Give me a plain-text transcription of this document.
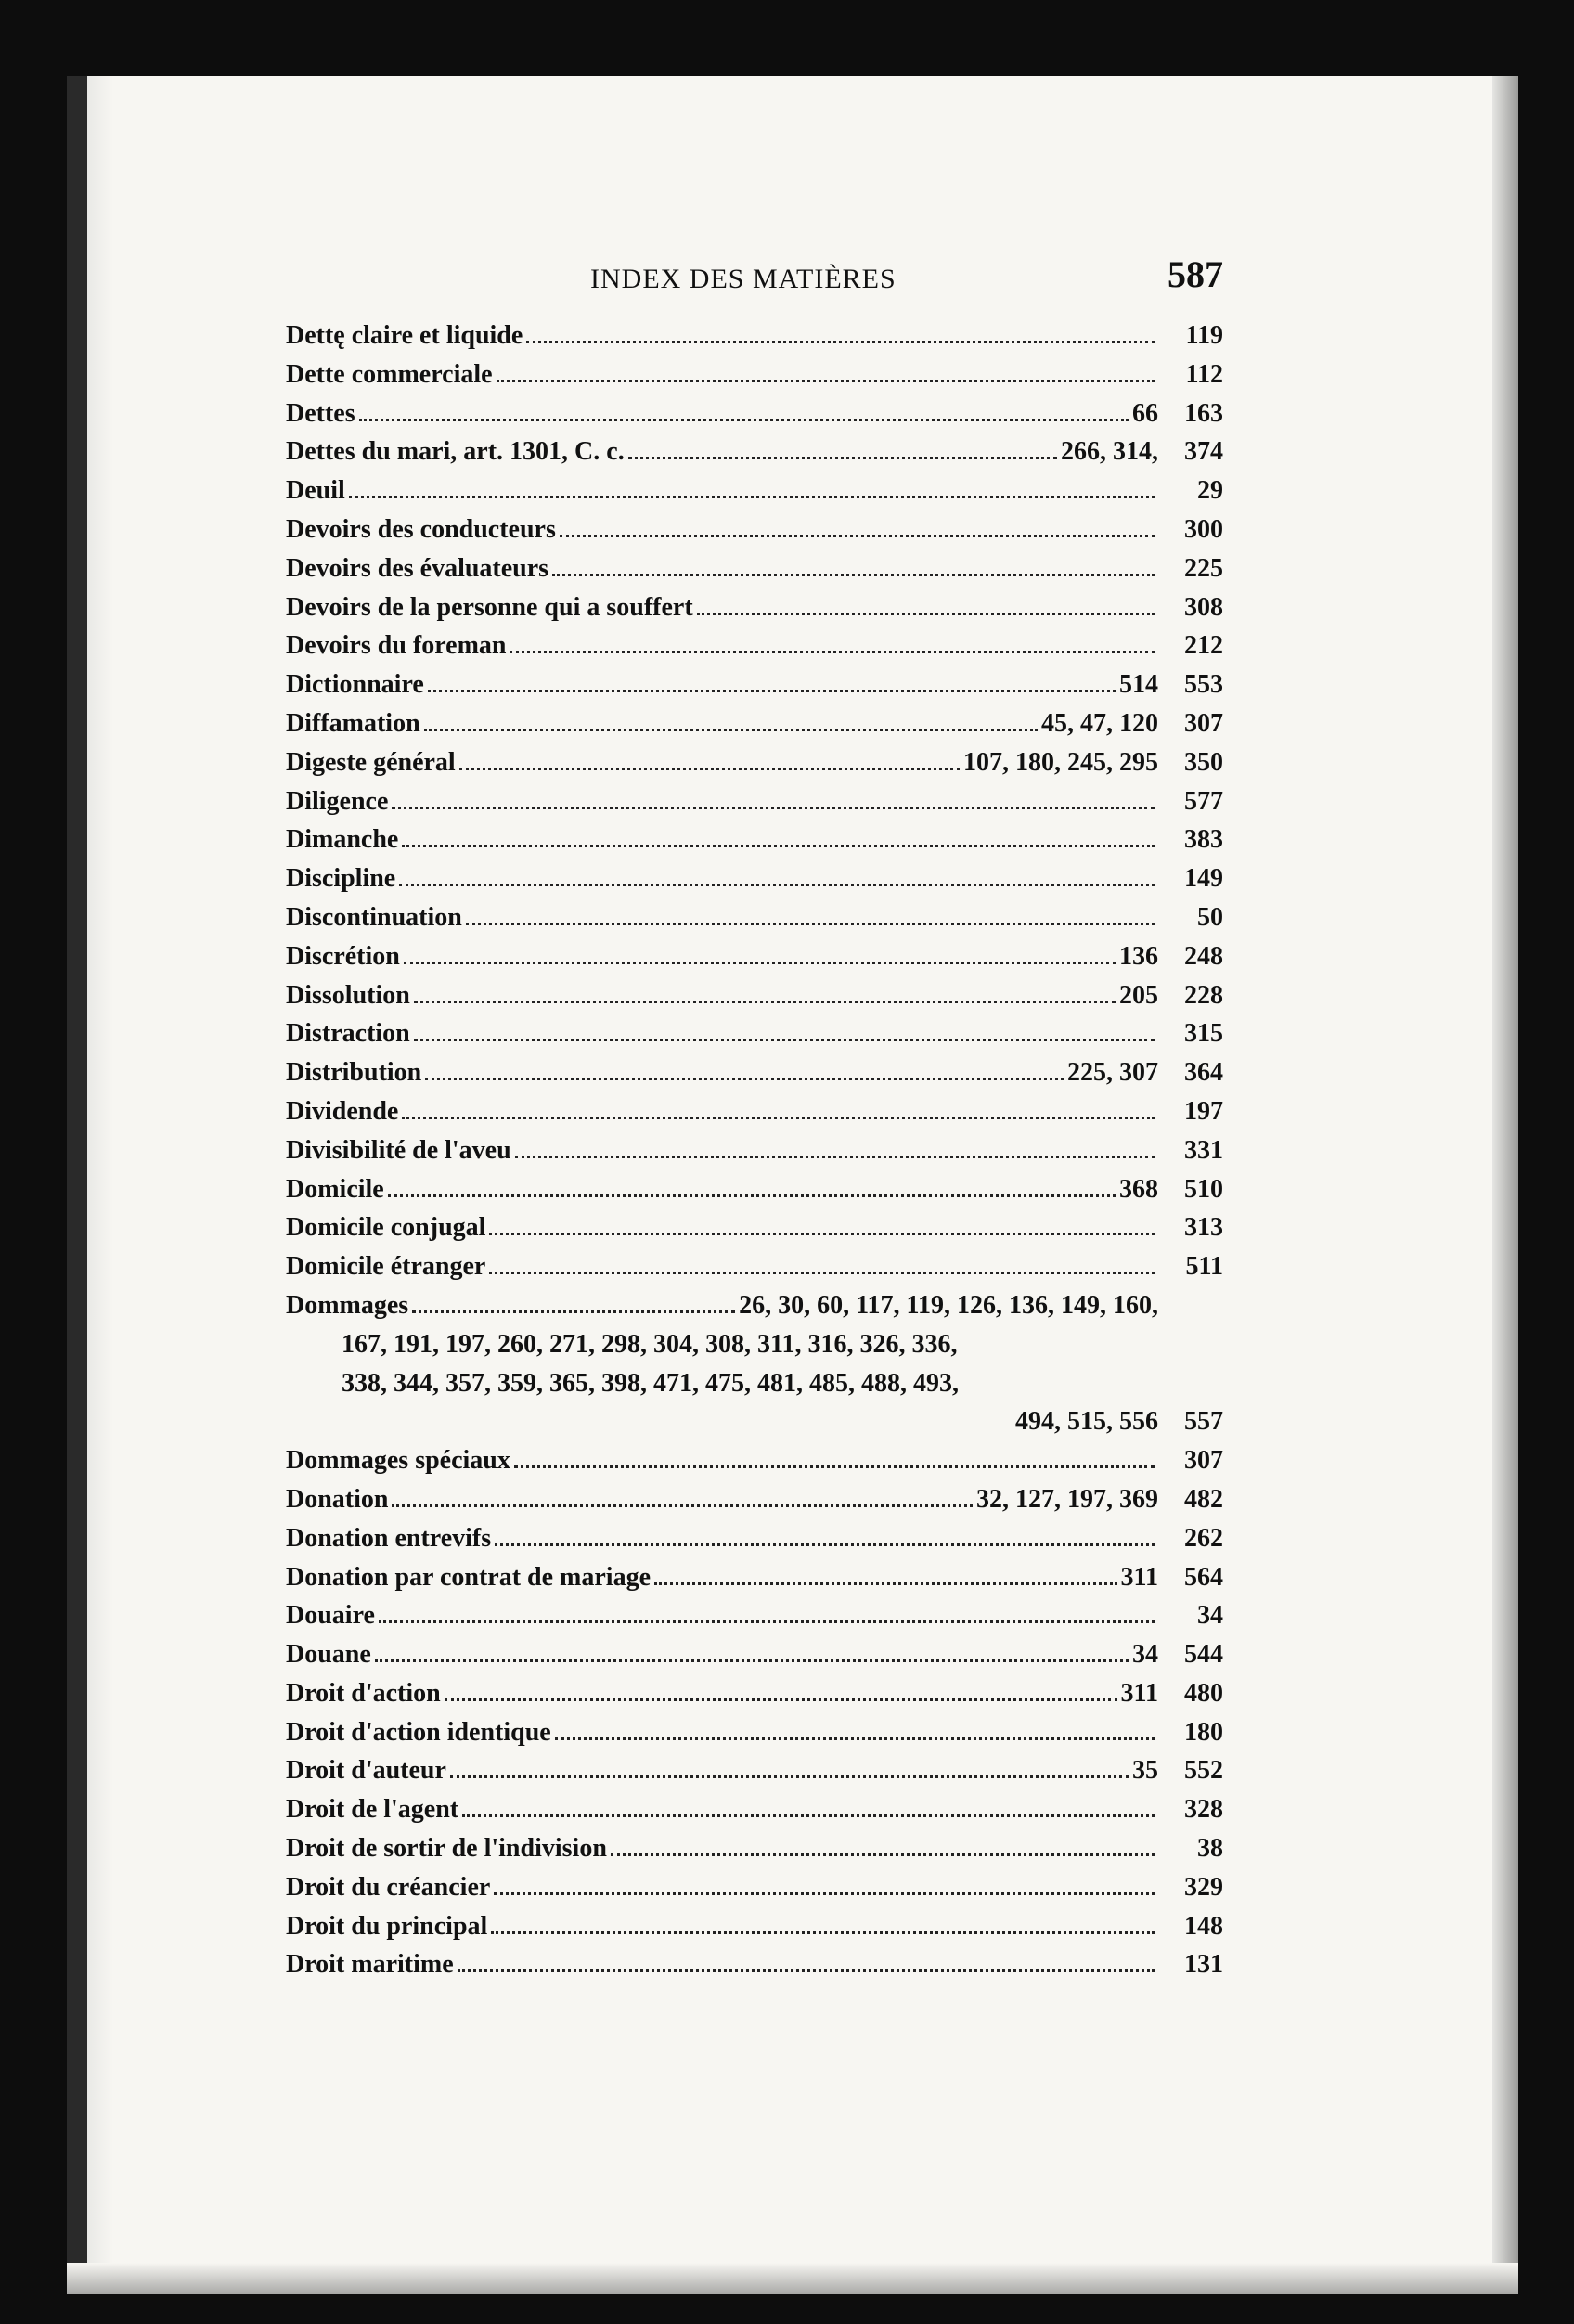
INDEX DES MATIÈRES	587
Dettę claire et liquide	119
Dette commerciale	112
Dettes	66	163
Dettes du mari, art. 1301, C. c.	266, 314,	374
Deuil	29
Devoirs des conducteurs	300
Devoirs des évaluateurs	225
Devoirs de la personne qui a souffert	308
Devoirs du foreman	212
Dictionnaire	514	553
Diffamation	45, 47, 120	307
Digeste général	107, 180, 245, 295	350
Diligence	577
Dimanche	383
Discipline	149
Discontinuation	50
Discrétion	136	248
Dissolution	205	228
Distraction	315
Distribution	225, 307	364
Dividende	197
Divisibilité de l'aveu	331
Domicile	368	510
Domicile conjugal	313
Domicile étranger	511
Dommages	26, 30, 60, 117, 119, 126, 136, 149, 160,
167, 191, 197, 260, 271, 298, 304, 308, 311, 316, 326, 336,
338, 344, 357, 359, 365, 398, 471, 475, 481, 485, 488, 493,
494, 515, 556	557
Dommages spéciaux	307
Donation	32, 127, 197, 369	482
Donation entrevifs	262
Donation par contrat de mariage	311	564
Douaire	34
Douane	34	544
Droit d'action	311	480
Droit d'action identique	180
Droit d'auteur	35	552
Droit de l'agent	328
Droit de sortir de l'indivision	38
Droit du créancier	329
Droit du principal	148
Droit maritime	131
